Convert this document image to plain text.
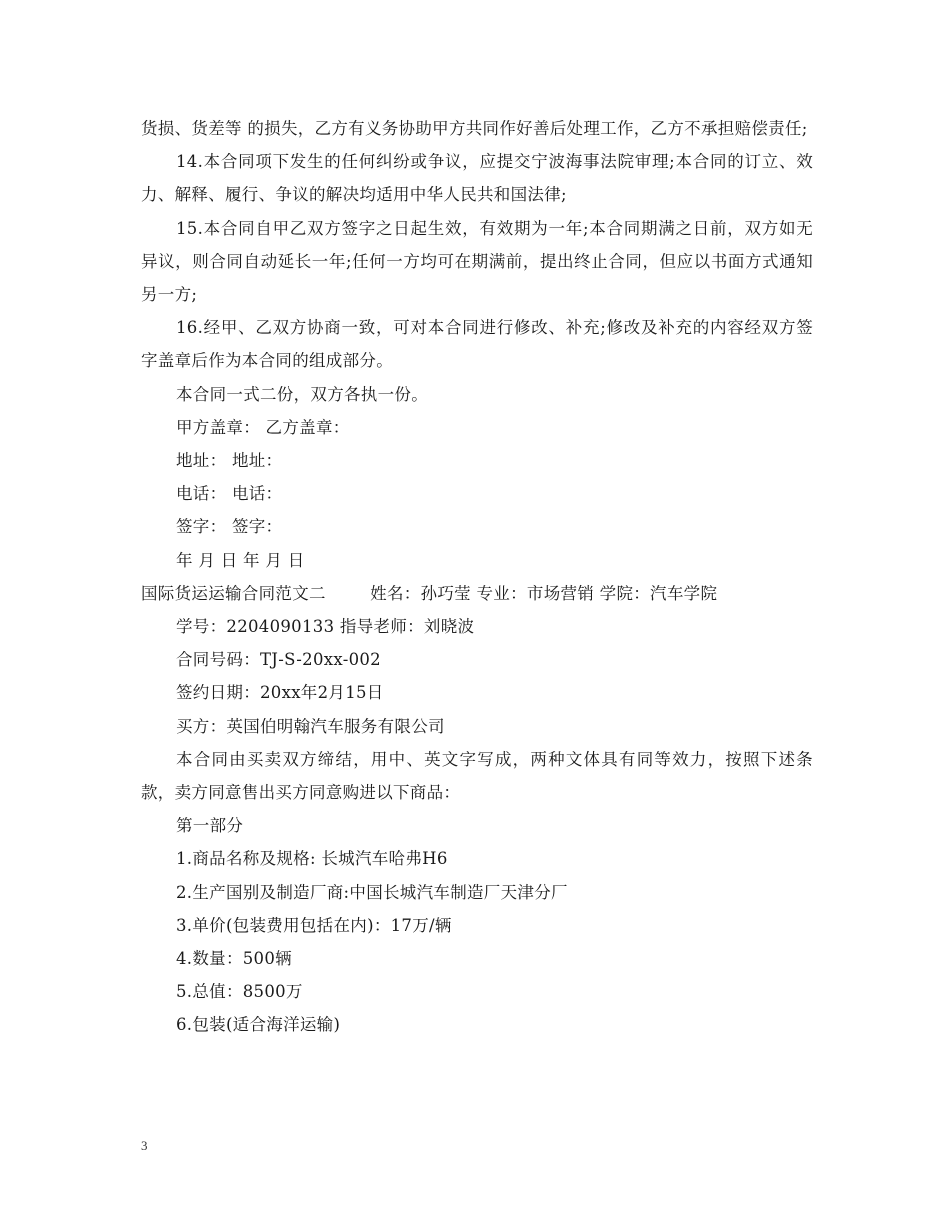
货损、货差等 的损失，乙方有义务协助甲方共同作好善后处理工作，乙方不承担赔偿责任;

14.本合同项下发生的任何纠纷或争议，应提交宁波海事法院审理;本合同的订立、效力、解释、履行、争议的解决均适用中华人民共和国法律;

15.本合同自甲乙双方签字之日起生效，有效期为一年;本合同期满之日前，双方如无异议，则合同自动延长一年;任何一方均可在期满前，提出终止合同，但应以书面方式通知另一方;

16.经甲、乙双方协商一致，可对本合同进行修改、补充;修改及补充的内容经双方签字盖章后作为本合同的组成部分。

本合同一式二份，双方各执一份。

甲方盖章： 乙方盖章：

地址： 地址：

电话： 电话：

签字： 签字：

年 月 日 年 月 日

国际货运运输合同范文二        姓名：孙巧莹 专业：市场营销 学院：汽车学院

学号：2204090133 指导老师：刘晓波

合同号码：TJ-S-20xx-002

签约日期：20xx年2月15日

买方：英国伯明翰汽车服务有限公司

本合同由买卖双方缔结，用中、英文字写成，两种文体具有同等效力，按照下述条款，卖方同意售出买方同意购进以下商品：

第一部分

1.商品名称及规格: 长城汽车哈弗H6

2.生产国别及制造厂商:中国长城汽车制造厂天津分厂

3.单价(包装费用包括在内)：17万/辆

4.数量：500辆

5.总值：8500万

6.包装(适合海洋运输)

3
